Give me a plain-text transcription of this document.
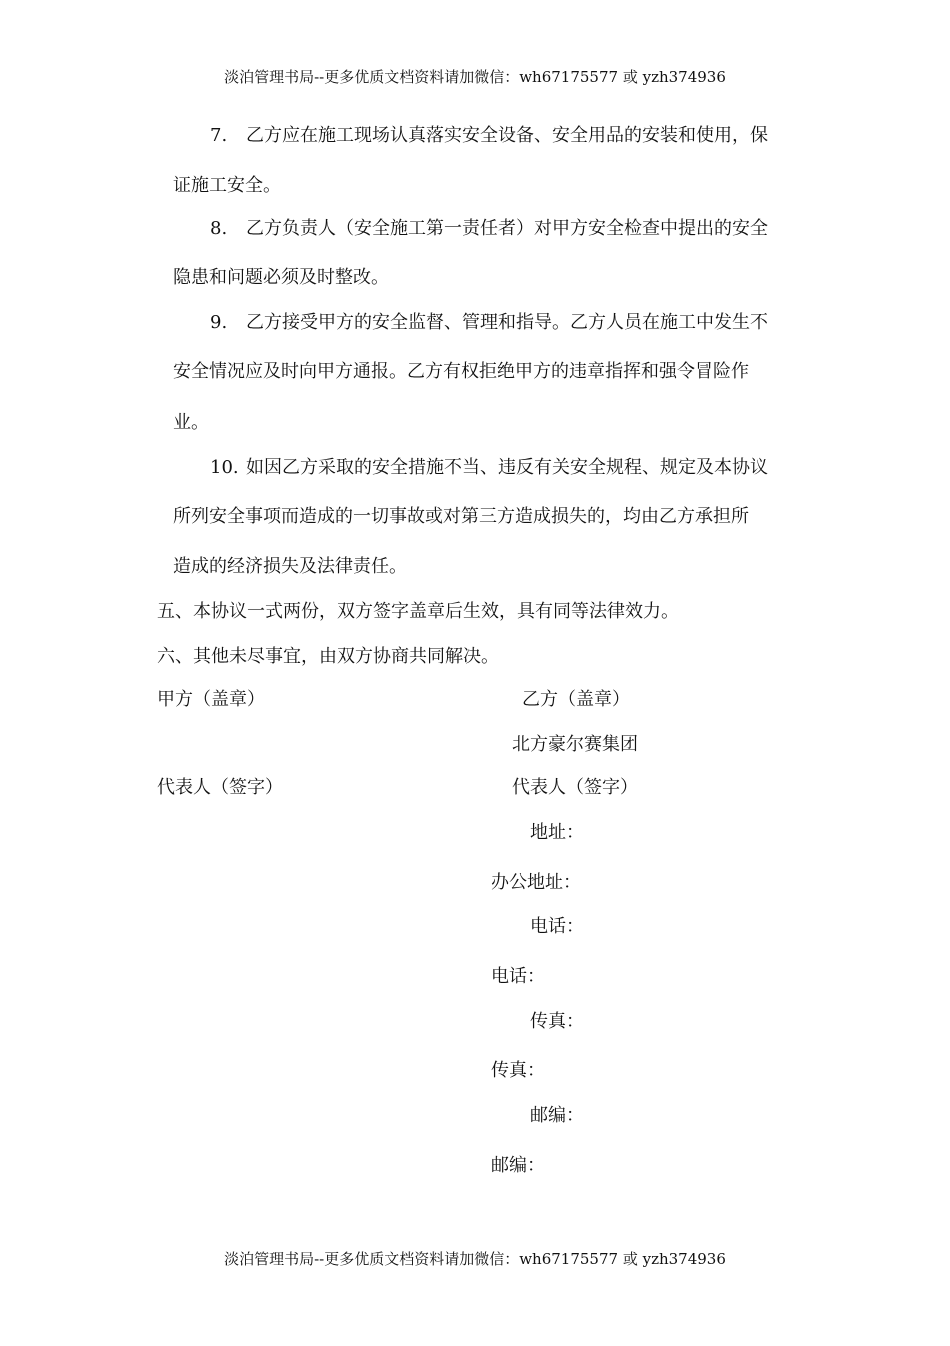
淡泊管理书局--更多优质文档资料请加微信：wh67175577 或 yzh374936
7. 乙方应在施工现场认真落实安全设备、安全用品的安装和使用，保
证施工安全。
8. 乙方负责人（安全施工第一责任者）对甲方安全检查中提出的安全
隐患和问题必须及时整改。
9. 乙方接受甲方的安全监督、管理和指导。乙方人员在施工中发生不
安全情况应及时向甲方通报。乙方有权拒绝甲方的违章指挥和强令冒险作
业。
10. 如因乙方采取的安全措施不当、违反有关安全规程、规定及本协议
所列安全事项而造成的一切事故或对第三方造成损失的，均由乙方承担所
造成的经济损失及法律责任。
五、本协议一式两份，双方签字盖章后生效，具有同等法律效力。
六、其他未尽事宜，由双方协商共同解决。
甲方（盖章）
代表人（签字）
乙方（盖章）
北方豪尔赛集团
代表人（签字）
地址：
办公地址：
电话：
电话：
传真：
传真：
邮编：
邮编：
淡泊管理书局--更多优质文档资料请加微信：wh67175577 或 yzh374936
